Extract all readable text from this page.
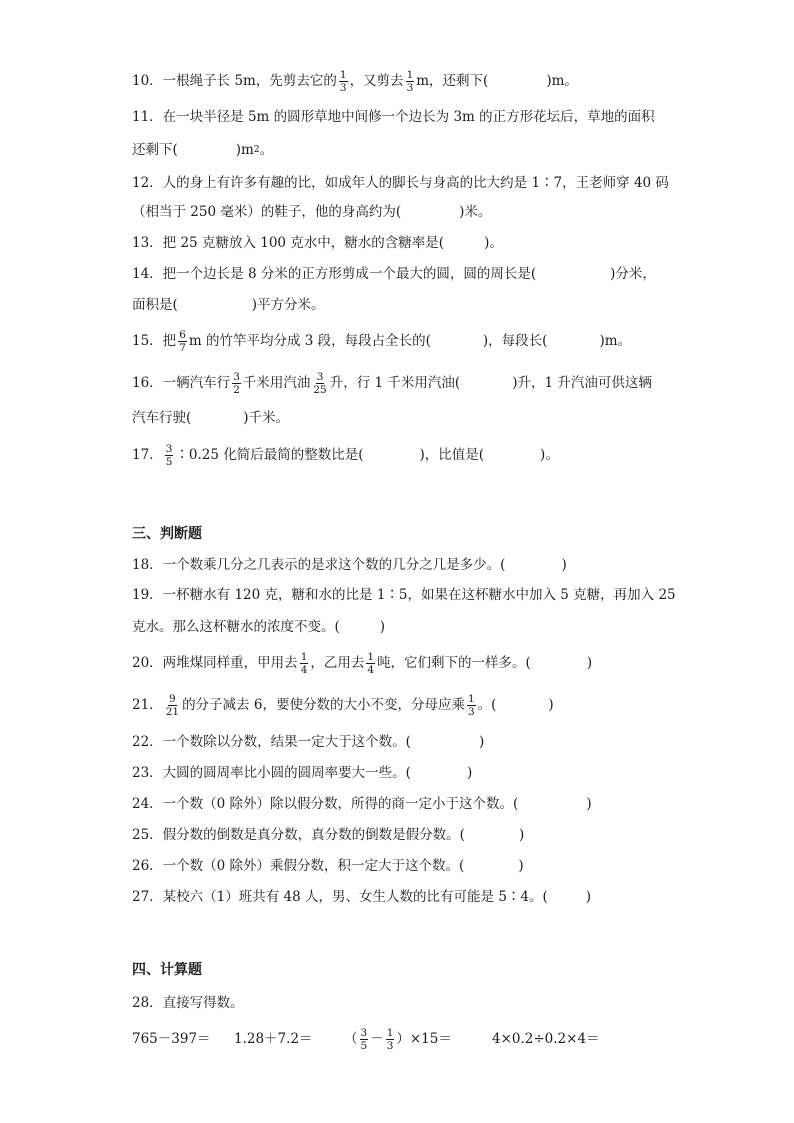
10．一根绳子长 5m，先剪去它的 $\frac{1}{3}$ ，又剪去 $\frac{1}{3}$ m，还剩下(	)m。
11．在一块半径是 5m 的圆形草地中间修一个边长为 3m 的正方形花坛后，草地的面积
还剩下(	)m 2 。
12．人的身上有许多有趣的比，如成年人的脚长与身高的比大约是 1∶7，王老师穿 40 码
（相当于 250 毫米）的鞋子，他的身高约为(	)米。
13．把 25 克糖放入 100 克水中，糖水的含糖率是(	)。
14．把一个边长是 8 分米的正方形剪成一个最大的圆，圆的周长是(	)分米，
面积是(	)平方分米。
15．把 $\frac{6}{7}$ m 的竹竿平均分成 3 段，每段占全长的(	)，每段长(	)m。
16．一辆汽车行 $\frac{3}{2}$ 千米用汽油 $\frac{3}{25}$ 升，行 1 千米用汽油(	)升，1 升汽油可供这辆
汽车行驶(	)千米。
17． $\frac{3}{5}$ ∶0.25 化简后最简的整数比是(	)，比值是(	)。
三、判断题
18．一个数乘几分之几表示的是求这个数的几分之几是多少。(	)
19．一杯糖水有 120 克，糖和水的比是 1∶5，如果在这杯糖水中加入 5 克糖，再加入 25
克水。那么这杯糖水的浓度不变。(	)
20．两堆煤同样重，甲用去 $\frac{1}{4}$ ，乙用去 $\frac{1}{4}$ 吨，它们剩下的一样多。(	)
21． $\frac{9}{21}$ 的分子减去 6，要使分数的大小不变，分母应乘 $\frac{1}{3}$ 。(	)
22．一个数除以分数，结果一定大于这个数。(	)
23．大圆的圆周率比小圆的圆周率要大一些。(	)
24．一个数（0 除外）除以假分数，所得的商一定小于这个数。(	)
25．假分数的倒数是真分数，真分数的倒数是假分数。(	)
26．一个数（0 除外）乘假分数，积一定大于这个数。(	)
27．某校六（1）班共有 48 人，男、女生人数的比有可能是 5∶4。(	)
四、计算题
28．直接写得数。
765－397＝ 1.28＋7.2＝ （ $\frac{3}{5} - \frac{1}{3} )\times 15=$	4×0.2÷0.2×4＝
